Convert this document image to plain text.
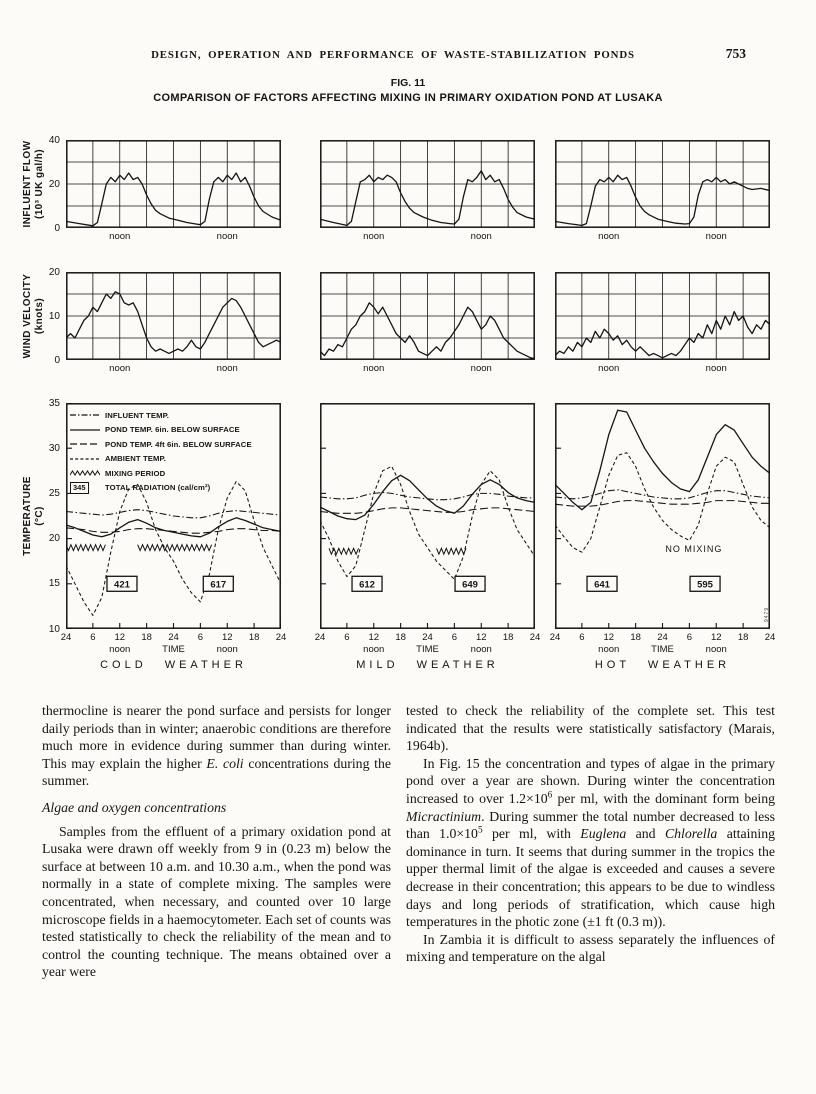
DESIGN, OPERATION AND PERFORMANCE OF WASTE-STABILIZATION PONDS	753
FIG. 11
COMPARISON OF FACTORS AFFECTING MIXING IN PRIMARY OXIDATION POND AT LUSAKA
INFLUENT FLOW (10³ UK gal/h)
WIND VELOCITY (knots)
TEMPERATURE (°C)
INFLUENT TEMP.
POND TEMP. 6in. BELOW SURFACE
POND TEMP. 4ft 6in. BELOW SURFACE
AMBIENT TEMP.
MIXING PERIOD
345	TOTAL RADIATION (cal/cm²)
9479
40
20
0
noon	noon	noon	noon	noon	noon
20
10
0
noon	noon	noon	noon	noon	noon
35
30
25
20
15
10
421	617
24	6	12	18	24	6	12	18	24
noon	TIME	noon
612	649
24	6	12	18	24	6	12	18	24
noon	TIME	noon
641	595
NO MIXING
24	6	12	18	24	6	12	18	24
noon	TIME	noon
COLD WEATHER	MILD WEATHER	HOT WEATHER

thermocline is nearer the pond surface and persists for longer daily periods than in winter; anaerobic conditions are therefore much more in evidence during summer than during winter. This may explain the higher E. coli concentrations during the summer.

Algae and oxygen concentrations

Samples from the effluent of a primary oxidation pond at Lusaka were drawn off weekly from 9 in (0.23 m) below the surface at between 10 a.m. and 10.30 a.m., when the pond was normally in a state of complete mixing. The samples were concentrated, when necessary, and counted over 10 large microscope fields in a haemocytometer. Each set of counts was tested statistically to check the reliability of the mean and to control the counting technique. The means obtained over a year were

tested to check the reliability of the complete set. This test indicated that the results were statistically satisfactory (Marais, 1964b).

In Fig. 15 the concentration and types of algae in the primary pond over a year are shown. During winter the concentration increased to over $1.2\times 10^6$ per ml, with the dominant form being Micractinium. During summer the total number decreased to less than $1.0\times 10^5$ per ml, with Euglena and Chlorella attaining dominance in turn. It seems that during summer in the tropics the upper thermal limit of the algae is exceeded and causes a severe decrease in their concentration; this appears to be due to windless days and long periods of stratification, which cause high temperatures in the photic zone (±1 ft (0.3 m)).

In Zambia it is difficult to assess separately the influences of mixing and temperature on the algal
